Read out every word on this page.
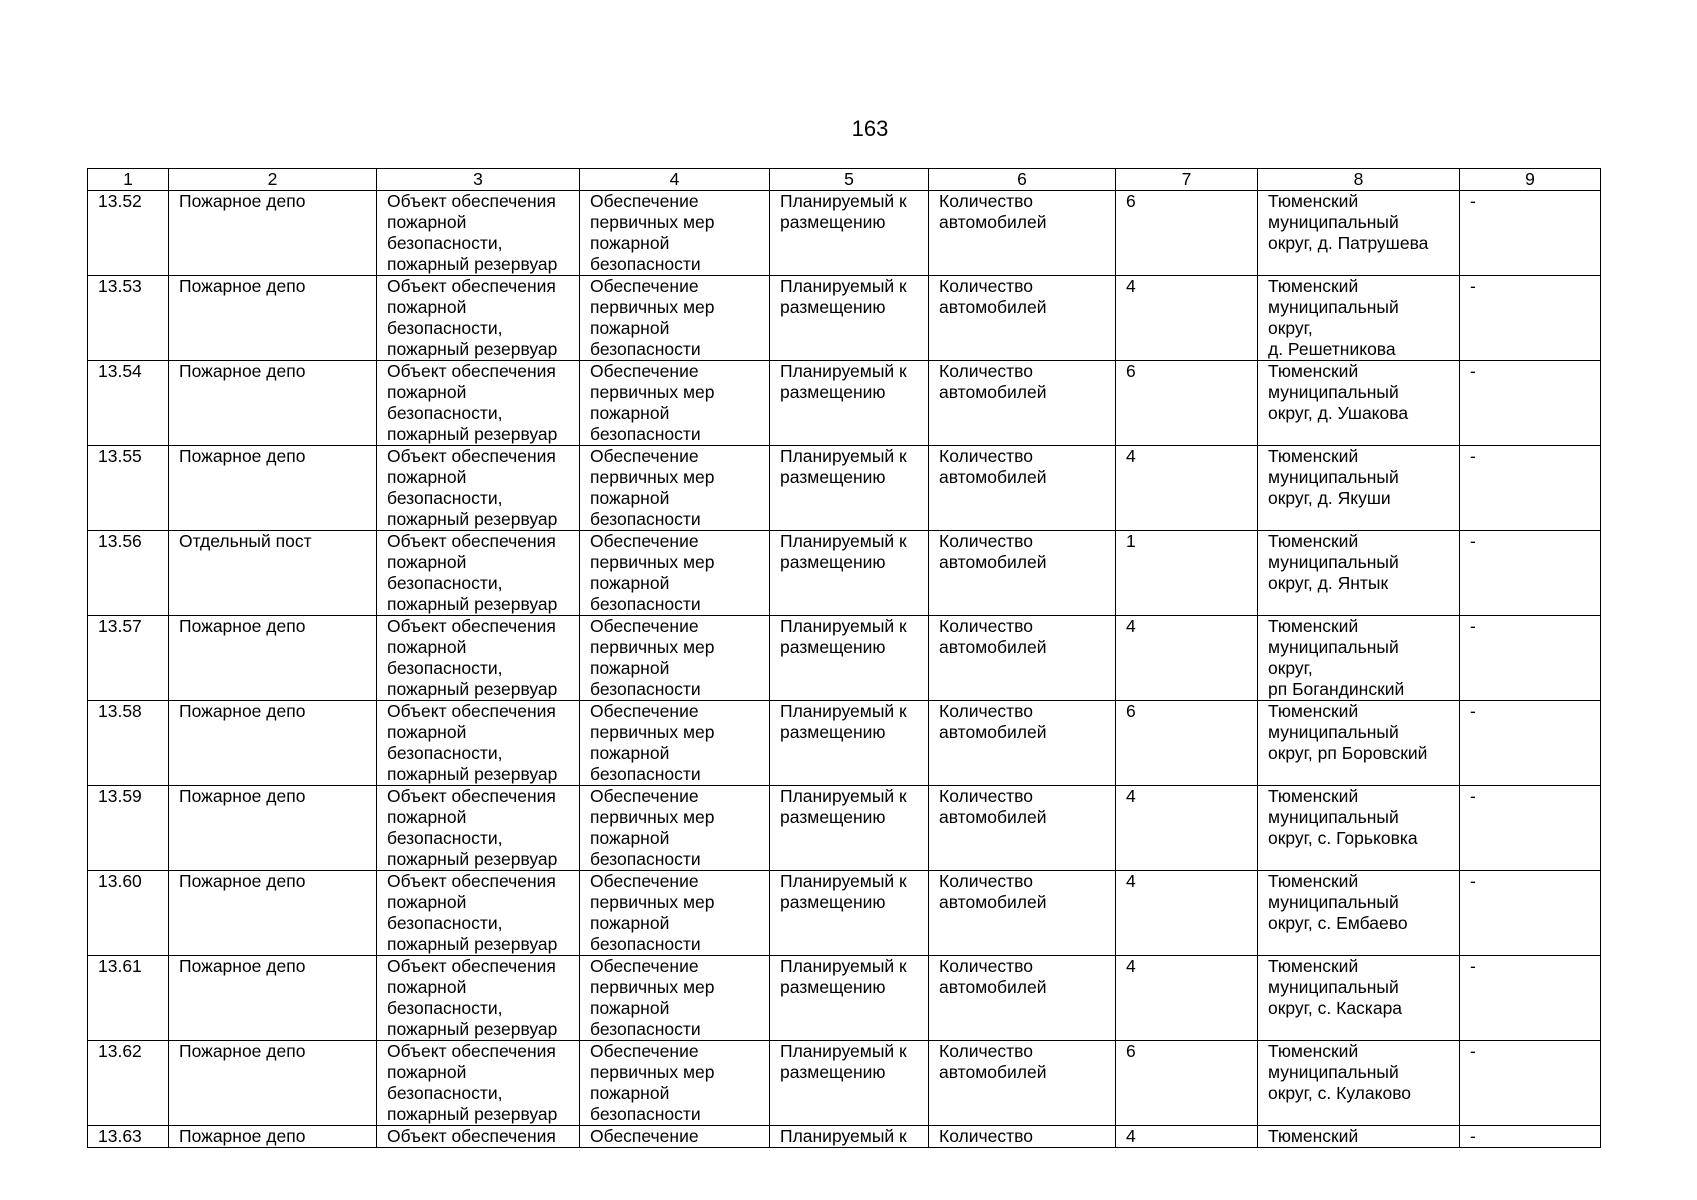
163
1	2	3	4	5	6	7	8	9
13.52	Пожарное депо	Объект обеспечения
пожарной
безопасности,
пожарный резервуар	Обеспечение
первичных мер
пожарной
безопасности	Планируемый к
размещению	Количество
автомобилей	6	Тюменский
муниципальный
округ, д. Патрушева	-
13.53	Пожарное депо	Объект обеспечения
пожарной
безопасности,
пожарный резервуар	Обеспечение
первичных мер
пожарной
безопасности	Планируемый к
размещению	Количество
автомобилей	4	Тюменский
муниципальный
округ,
д. Решетникова	-
13.54	Пожарное депо	Объект обеспечения
пожарной
безопасности,
пожарный резервуар	Обеспечение
первичных мер
пожарной
безопасности	Планируемый к
размещению	Количество
автомобилей	6	Тюменский
муниципальный
округ, д. Ушакова	-
13.55	Пожарное депо	Объект обеспечения
пожарной
безопасности,
пожарный резервуар	Обеспечение
первичных мер
пожарной
безопасности	Планируемый к
размещению	Количество
автомобилей	4	Тюменский
муниципальный
округ, д. Якуши	-
13.56	Отдельный пост	Объект обеспечения
пожарной
безопасности,
пожарный резервуар	Обеспечение
первичных мер
пожарной
безопасности	Планируемый к
размещению	Количество
автомобилей	1	Тюменский
муниципальный
округ, д. Янтык	-
13.57	Пожарное депо	Объект обеспечения
пожарной
безопасности,
пожарный резервуар	Обеспечение
первичных мер
пожарной
безопасности	Планируемый к
размещению	Количество
автомобилей	4	Тюменский
муниципальный
округ,
рп Богандинский	-
13.58	Пожарное депо	Объект обеспечения
пожарной
безопасности,
пожарный резервуар	Обеспечение
первичных мер
пожарной
безопасности	Планируемый к
размещению	Количество
автомобилей	6	Тюменский
муниципальный
округ, рп Боровский	-
13.59	Пожарное депо	Объект обеспечения
пожарной
безопасности,
пожарный резервуар	Обеспечение
первичных мер
пожарной
безопасности	Планируемый к
размещению	Количество
автомобилей	4	Тюменский
муниципальный
округ, с. Горьковка	-
13.60	Пожарное депо	Объект обеспечения
пожарной
безопасности,
пожарный резервуар	Обеспечение
первичных мер
пожарной
безопасности	Планируемый к
размещению	Количество
автомобилей	4	Тюменский
муниципальный
округ, с. Ембаево	-
13.61	Пожарное депо	Объект обеспечения
пожарной
безопасности,
пожарный резервуар	Обеспечение
первичных мер
пожарной
безопасности	Планируемый к
размещению	Количество
автомобилей	4	Тюменский
муниципальный
округ, с. Каскара	-
13.62	Пожарное депо	Объект обеспечения
пожарной
безопасности,
пожарный резервуар	Обеспечение
первичных мер
пожарной
безопасности	Планируемый к
размещению	Количество
автомобилей	6	Тюменский
муниципальный
округ, с. Кулаково	-
13.63	Пожарное депо	Объект обеспечения	Обеспечение	Планируемый к	Количество	4	Тюменский	-
